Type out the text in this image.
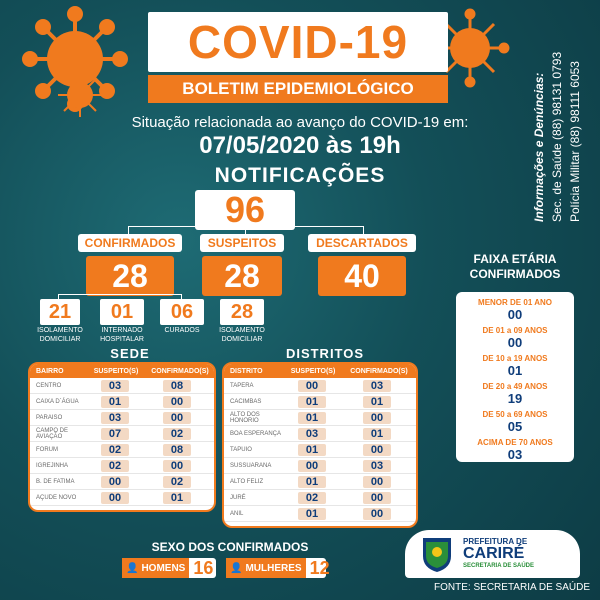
COVID-19
BOLETIM EPIDEMIOLÓGICO	Informações e Denúncias: Sec. de Saúde (88) 98131 0793 Polícia Militar (88) 98111 6053
Situação relacionada ao avanço do COVID-19 em:
07/05/2020 às 19h
NOTIFICAÇÕES
96
CONFIRMADOS
28
SUSPEITOS
28
DESCARTADOS
40
21
ISOLAMENTO DOMICILIAR
01
INTERNADO HOSPITALAR
06
CURADOS
28
ISOLAMENTO DOMICILIAR
SEDE
BAIRRO	SUSPEITO(S)	CONFIRMADO(S)
CENTRO	03	08
CAIXA D`ÁGUA	01	00
PARAISO	03	00
CAMPO DE AVIAÇÃO	07	02
FORUM	02	08
IGREJINHA	02	00
B. DE FATIMA	00	02
AÇUDE NOVO	00	01
DISTRITOS
DISTRITO	SUSPEITO(S)	CONFIRMADO(S)
TAPERA	00	03
CACIMBAS	01	01
ALTO DOS HONORIO	01	00
BOA ESPERANÇA	03	01
TAPUIO	01	00
SUSSUARANA	00	03
ALTO FELIZ	01	00
JURÉ	02	00
ANIL	01	00
FAIXA ETÁRIA CONFIRMADOS
MENOR DE 01 ANO
00
DE 01 a 09 ANOS
00
DE 10 a 19 ANOS
01
DE 20 a 49 ANOS
19
DE 50 a 69 ANOS
05
ACIMA DE 70 ANOS
03
SEXO DOS CONFIRMADOS
👤 HOMENS 16 👤 MULHERES 12
PREFEITURA DE
CARIRÉ
SECRETARIA DE SAÚDE
FONTE: SECRETARIA DE SAÚDE
